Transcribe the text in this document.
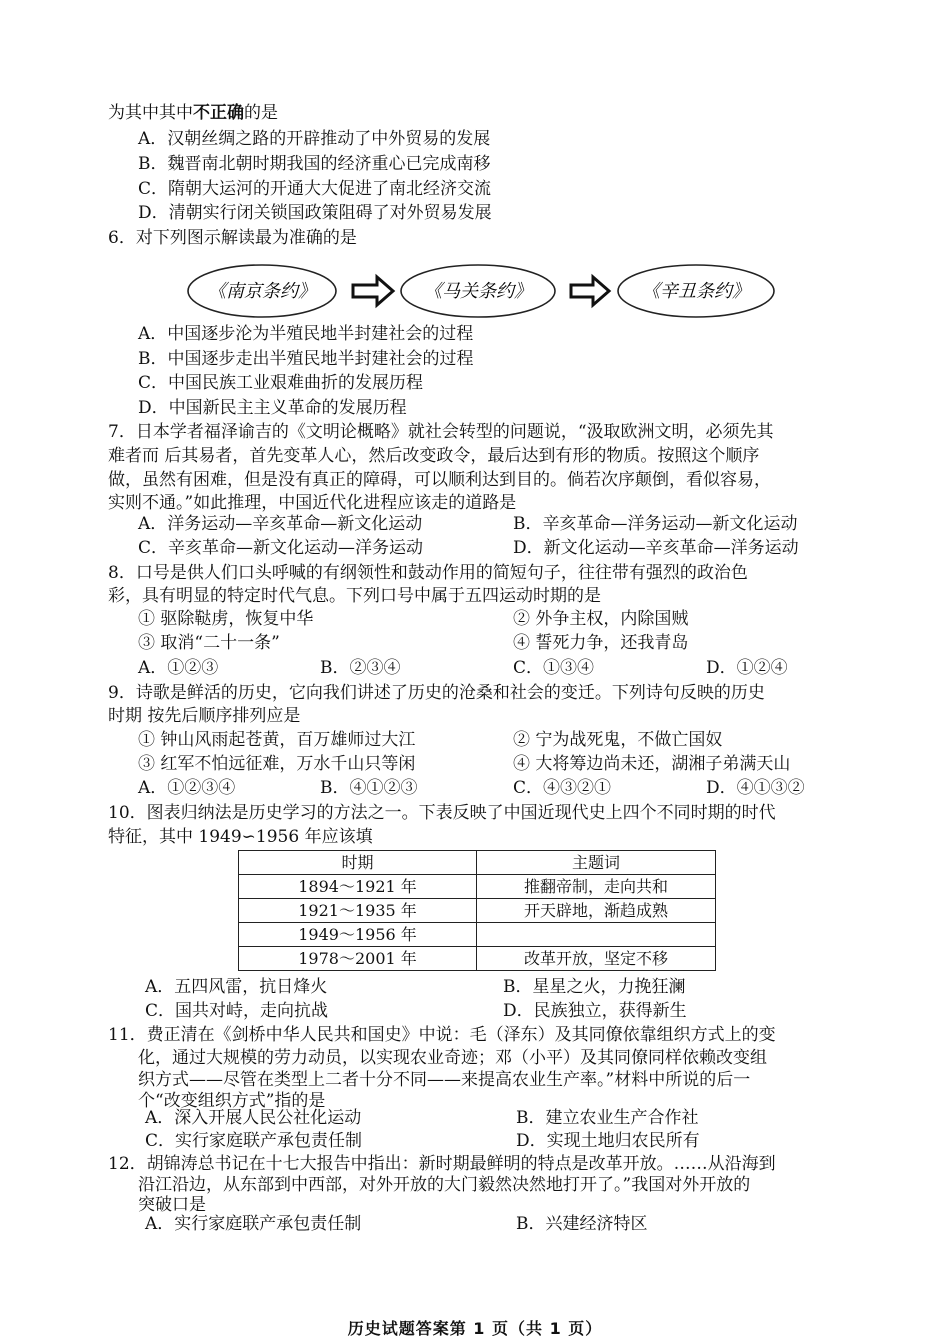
为其中其中不正确的是
A．汉朝丝绸之路的开辟推动了中外贸易的发展
B．魏晋南北朝时期我国的经济重心已完成南移
C．隋朝大运河的开通大大促进了南北经济交流
D．清朝实行闭关锁国政策阻碍了对外贸易发展
6．对下列图示解读最为准确的是
《南京条约》	《马关条约》	《辛丑条约》
A．中国逐步沦为半殖民地半封建社会的过程
B．中国逐步走出半殖民地半封建社会的过程
C．中国民族工业艰难曲折的发展历程
D．中国新民主主义革命的发展历程
7．日本学者福泽谕吉的《文明论概略》就社会转型的问题说，“汲取欧洲文明，必须先其
难者而 后其易者，首先变革人心，然后改变政令，最后达到有形的物质。按照这个顺序
做，虽然有困难，但是没有真正的障碍，可以顺利达到目的。倘若次序颠倒，看似容易，
实则不通。”如此推理，中国近代化进程应该走的道路是
A．洋务运动—辛亥革命—新文化运动	B．辛亥革命—洋务运动—新文化运动
C．辛亥革命—新文化运动—洋务运动	D．新文化运动—辛亥革命—洋务运动
8．口号是供人们口头呼喊的有纲领性和鼓动作用的简短句子，往往带有强烈的政治色
彩，具有明显的特定时代气息。下列口号中属于五四运动时期的是
① 驱除鞑虏，恢复中华	② 外争主权，内除国贼
③ 取消“二十一条”	④ 誓死力争，还我青岛
A．①②③	B．②③④	C．①③④	D．①②④
9．诗歌是鲜活的历史，它向我们讲述了历史的沧桑和社会的变迁。下列诗句反映的历史
时期 按先后顺序排列应是
① 钟山风雨起苍黄，百万雄师过大江	② 宁为战死鬼，不做亡国奴
③ 红军不怕远征难，万水千山只等闲	④ 大将筹边尚未还，湖湘子弟满天山
A．①②③④	B．④①②③	C．④③②①	D．④①③②
10．图表归纳法是历史学习的方法之一。下表反映了中国近现代史上四个不同时期的时代
特征，其中 1949∽1956 年应该填
时期	主题词
1894～1921 年	推翻帝制，走向共和
1921～1935 年	开天辟地，渐趋成熟
1949～1956 年	
1978～2001 年	改革开放，坚定不移
A．五四风雷，抗日烽火	B．星星之火，力挽狂澜
C．国共对峙，走向抗战	D．民族独立，获得新生
11．费正清在《剑桥中华人民共和国史》中说：毛（泽东）及其同僚依靠组织方式上的变
化，通过大规模的劳力动员，以实现农业奇迹；邓（小平）及其同僚同样依赖改变组
织方式——尽管在类型上二者十分不同——来提高农业生产率。”材料中所说的后一
个“改变组织方式”指的是
A．深入开展人民公社化运动	B．建立农业生产合作社
C．实行家庭联产承包责任制	D．实现土地归农民所有
12．胡锦涛总书记在十七大报告中指出：新时期最鲜明的特点是改革开放。……从沿海到
沿江沿边，从东部到中西部，对外开放的大门毅然决然地打开了。”我国对外开放的
突破口是
A．实行家庭联产承包责任制	B．兴建经济特区
历史试题答案第 1 页（共 1 页）
